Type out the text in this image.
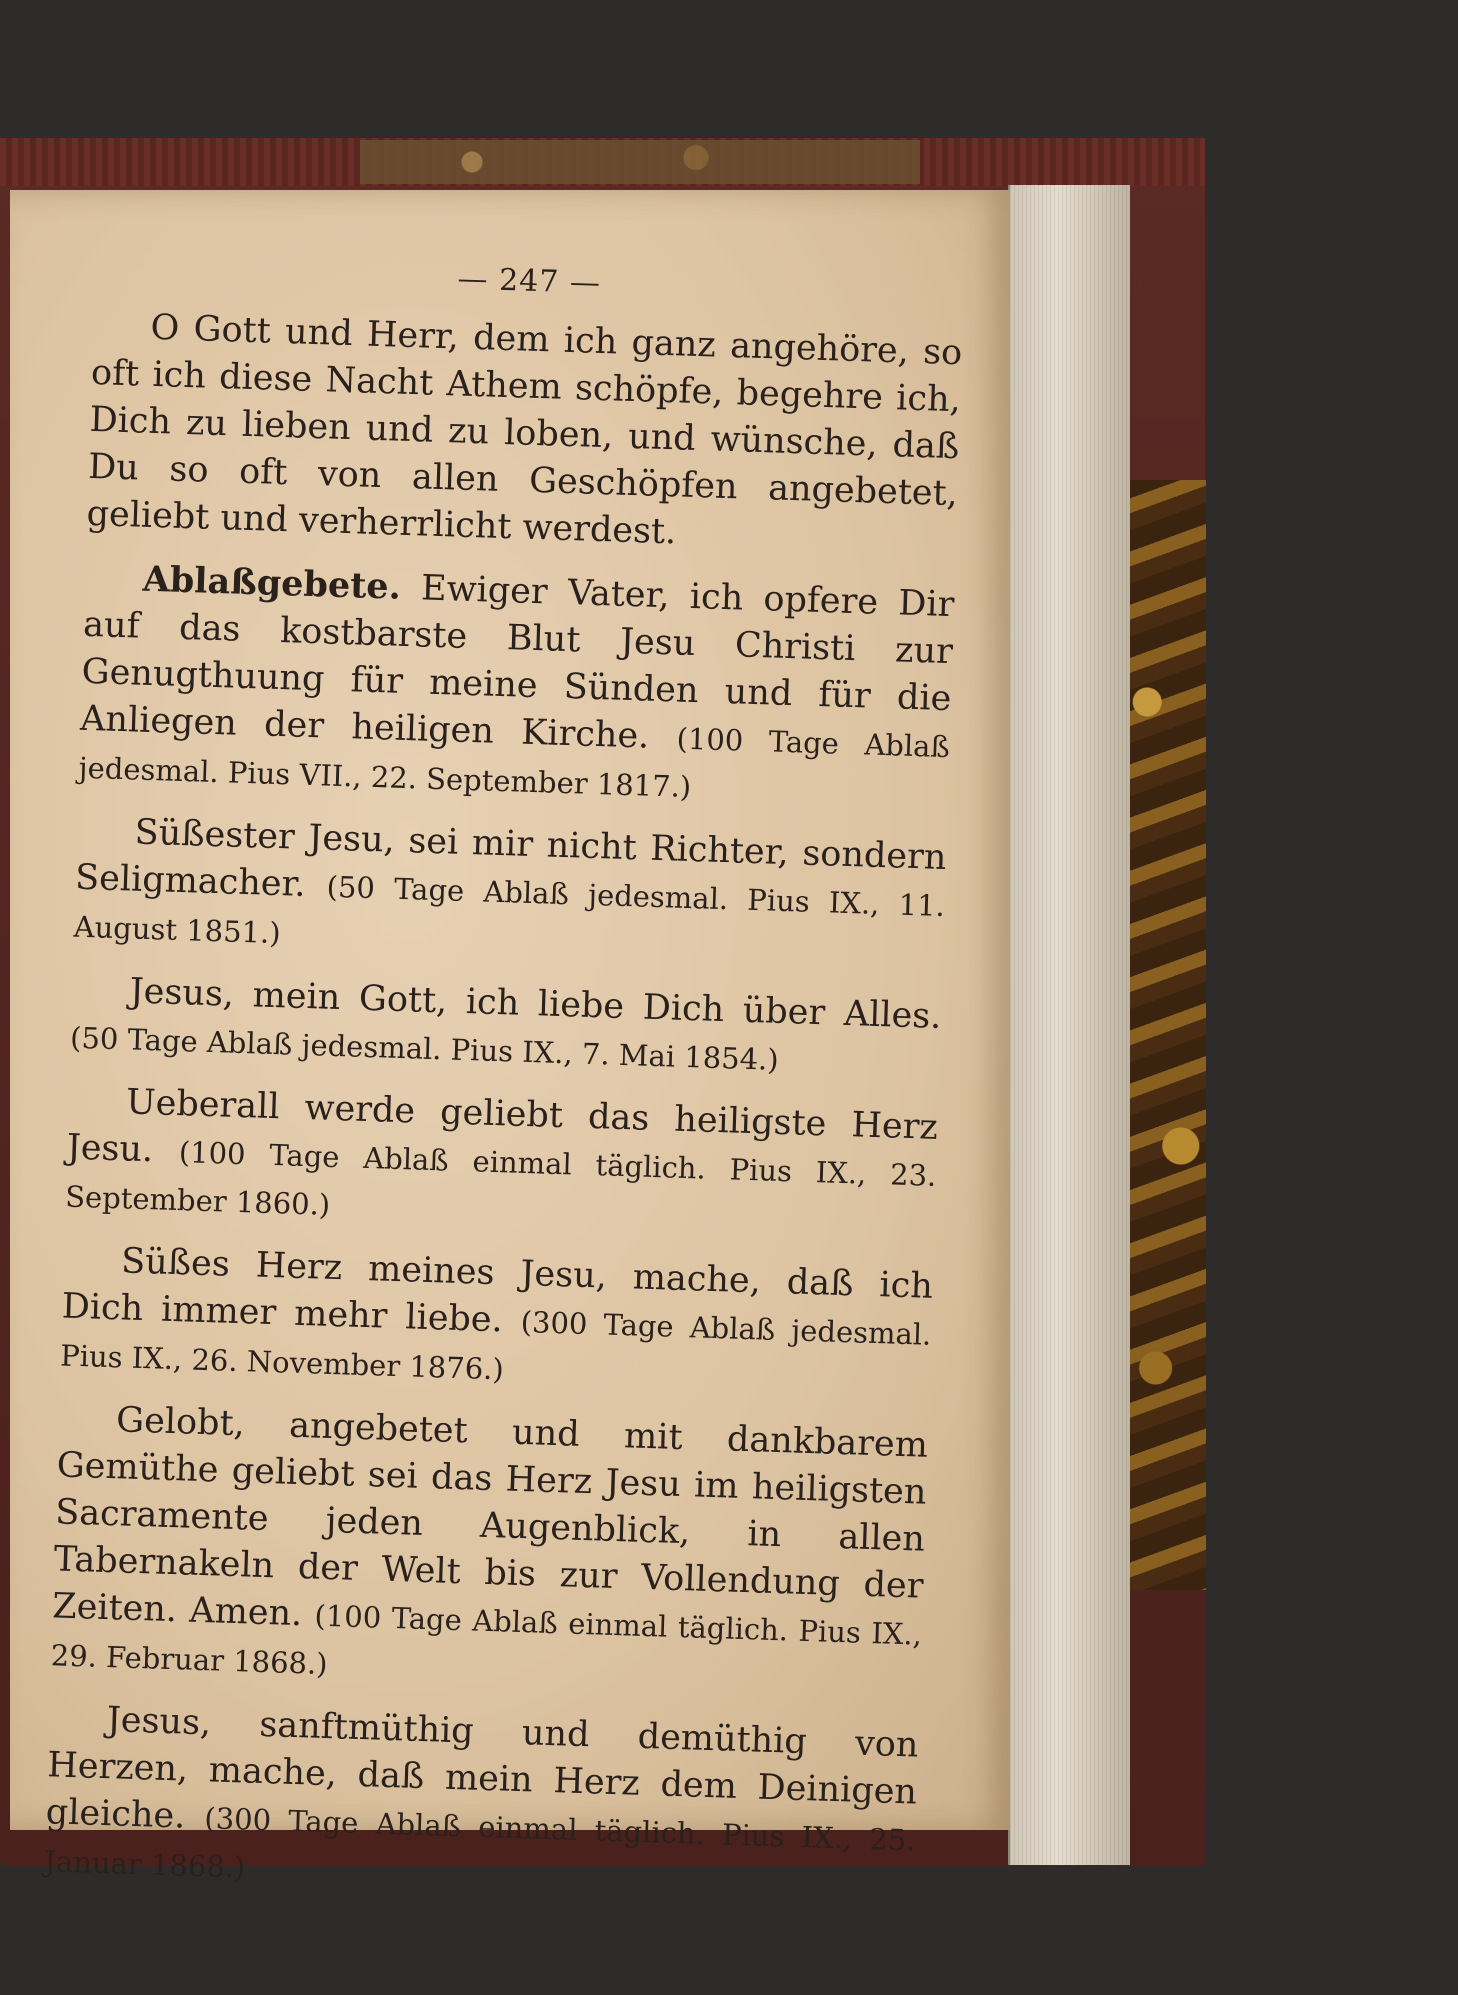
— 247 —

O Gott und Herr, dem ich ganz angehöre, so oft ich diese Nacht Athem schöpfe, begehre ich, Dich zu lieben und zu loben, und wünsche, daß Du so oft von allen Geschöpfen angebetet, geliebt und verherrlicht werdest.

Ablaßgebete. Ewiger Vater, ich opfere Dir auf das kostbarste Blut Jesu Christi zur Genugthuung für meine Sünden und für die Anliegen der heiligen Kirche. (100 Tage Ablaß jedesmal. Pius VII., 22. September 1817.)

Süßester Jesu, sei mir nicht Richter, sondern Seligmacher. (50 Tage Ablaß jedesmal. Pius IX., 11. August 1851.)

Jesus, mein Gott, ich liebe Dich über Alles. (50 Tage Ablaß jedesmal. Pius IX., 7. Mai 1854.)

Ueberall werde geliebt das heiligste Herz Jesu. (100 Tage Ablaß einmal täglich. Pius IX., 23. September 1860.)

Süßes Herz meines Jesu, mache, daß ich Dich immer mehr liebe. (300 Tage Ablaß jedesmal. Pius IX., 26. November 1876.)

Gelobt, angebetet und mit dankbarem Gemüthe geliebt sei das Herz Jesu im heiligsten Sacramente jeden Augenblick, in allen Tabernakeln der Welt bis zur Vollendung der Zeiten. Amen. (100 Tage Ablaß einmal täglich. Pius IX., 29. Februar 1868.)

Jesus, sanftmüthig und demüthig von Herzen, mache, daß mein Herz dem Deinigen gleiche. (300 Tage Ablaß einmal täglich. Pius IX., 25. Januar 1868.)
